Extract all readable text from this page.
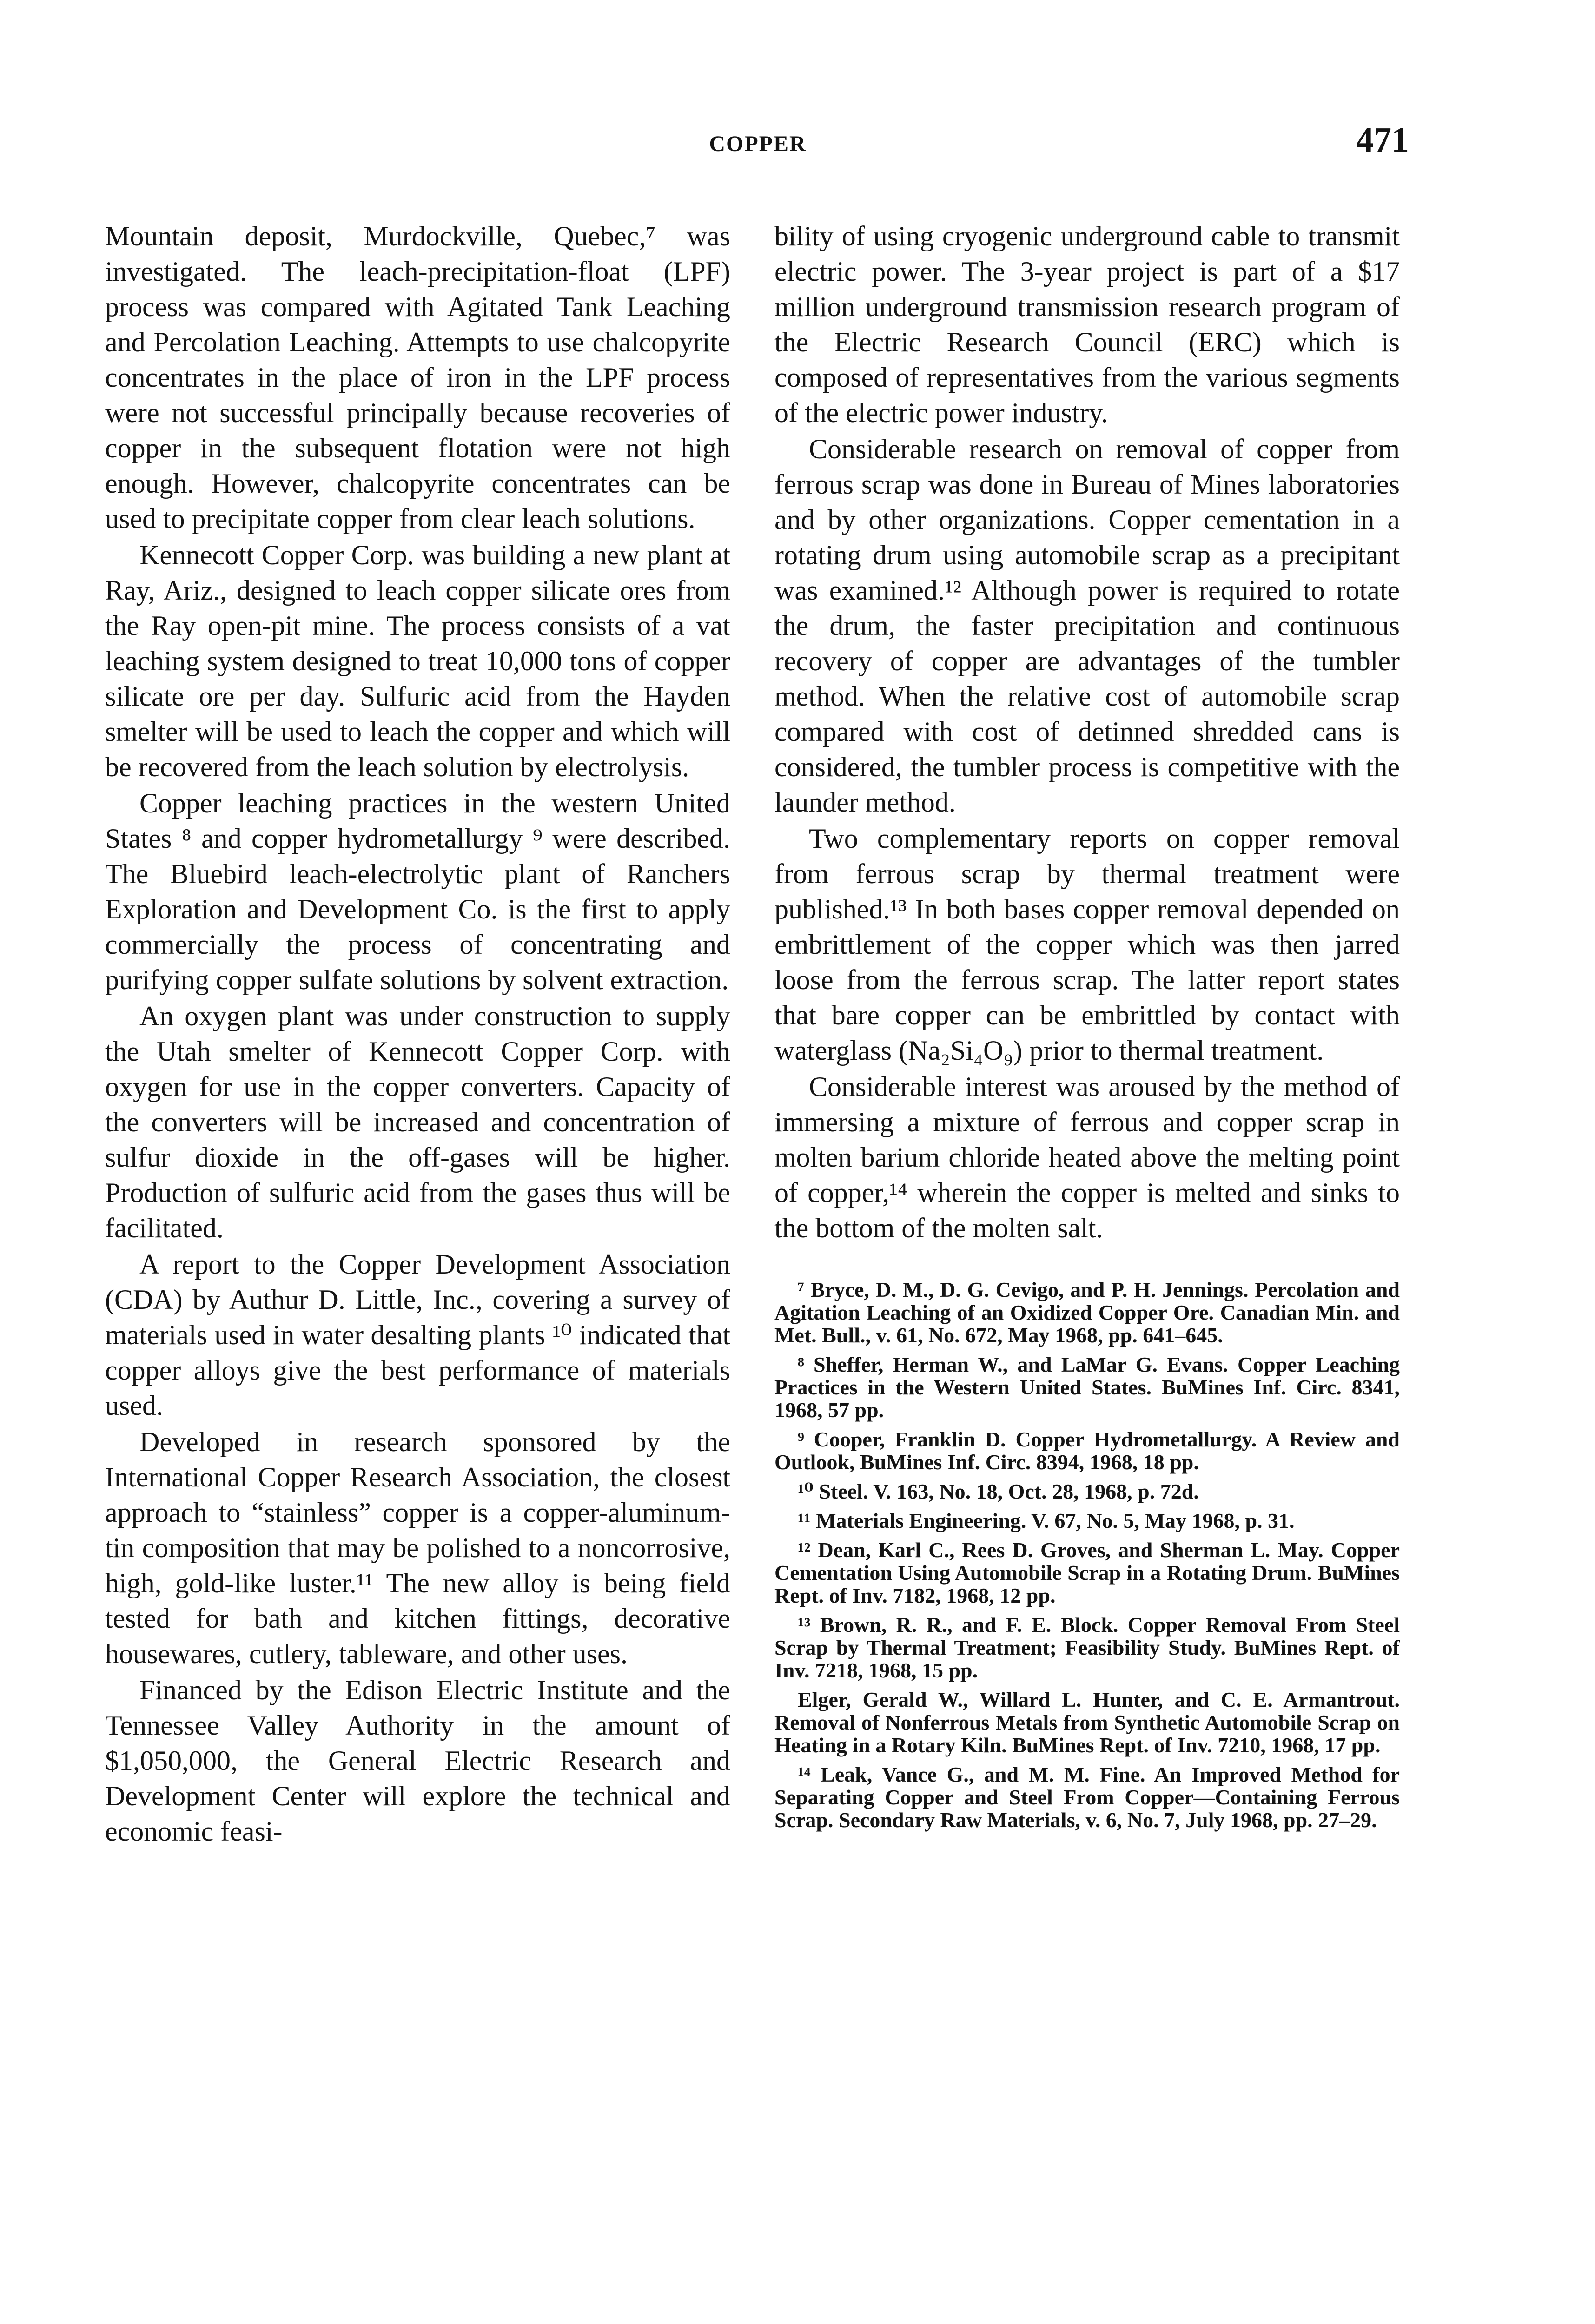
COPPER	471

Mountain deposit, Murdockville, Quebec,⁷ was investigated. The leach-precipitation-float (LPF) process was compared with Agitated Tank Leaching and Percolation Leaching. Attempts to use chalcopyrite concentrates in the place of iron in the LPF process were not successful principally because recoveries of copper in the subsequent flotation were not high enough. However, chalcopyrite concentrates can be used to precipitate copper from clear leach solutions.

Kennecott Copper Corp. was building a new plant at Ray, Ariz., designed to leach copper silicate ores from the Ray open-pit mine. The process consists of a vat leaching system designed to treat 10,000 tons of copper silicate ore per day. Sulfuric acid from the Hayden smelter will be used to leach the copper and which will be recovered from the leach solution by electrolysis.

Copper leaching practices in the western United States ⁸ and copper hydrometallurgy ⁹ were described. The Bluebird leach-electrolytic plant of Ranchers Exploration and Development Co. is the first to apply commercially the process of concentrating and purifying copper sulfate solutions by solvent extraction.

An oxygen plant was under construction to supply the Utah smelter of Kennecott Copper Corp. with oxygen for use in the copper converters. Capacity of the converters will be increased and concentration of sulfur dioxide in the off-gases will be higher. Production of sulfuric acid from the gases thus will be facilitated.

A report to the Copper Development Association (CDA) by Authur D. Little, Inc., covering a survey of materials used in water desalting plants ¹⁰ indicated that copper alloys give the best performance of materials used.

Developed in research sponsored by the International Copper Research Association, the closest approach to “stainless” copper is a copper-aluminum-tin composition that may be polished to a noncorrosive, high, gold-like luster.¹¹ The new alloy is being field tested for bath and kitchen fittings, decorative housewares, cutlery, tableware, and other uses.

Financed by the Edison Electric Institute and the Tennessee Valley Authority in the amount of $1,050,000, the General Electric Research and Development Center will explore the technical and economic feasi-

bility of using cryogenic underground cable to transmit electric power. The 3-year project is part of a $17 million underground transmission research program of the Electric Research Council (ERC) which is composed of representatives from the various segments of the electric power industry.

Considerable research on removal of copper from ferrous scrap was done in Bureau of Mines laboratories and by other organizations. Copper cementation in a rotating drum using automobile scrap as a precipitant was examined.¹² Although power is required to rotate the drum, the faster precipitation and continuous recovery of copper are advantages of the tumbler method. When the relative cost of automobile scrap compared with cost of detinned shredded cans is considered, the tumbler process is competitive with the launder method.

Two complementary reports on copper removal from ferrous scrap by thermal treatment were published.¹³ In both bases copper removal depended on embrittlement of the copper which was then jarred loose from the ferrous scrap. The latter report states that bare copper can be embrittled by contact with waterglass (Na₂Si₄O₉) prior to thermal treatment.

Considerable interest was aroused by the method of immersing a mixture of ferrous and copper scrap in molten barium chloride heated above the melting point of copper,¹⁴ wherein the copper is melted and sinks to the bottom of the molten salt.

⁷ Bryce, D. M., D. G. Cevigo, and P. H. Jennings. Percolation and Agitation Leaching of an Oxidized Copper Ore. Canadian Min. and Met. Bull., v. 61, No. 672, May 1968, pp. 641–645.

⁸ Sheffer, Herman W., and LaMar G. Evans. Copper Leaching Practices in the Western United States. BuMines Inf. Circ. 8341, 1968, 57 pp.

⁹ Cooper, Franklin D. Copper Hydrometallurgy. A Review and Outlook, BuMines Inf. Circ. 8394, 1968, 18 pp.

¹⁰ Steel. V. 163, No. 18, Oct. 28, 1968, p. 72d.

¹¹ Materials Engineering. V. 67, No. 5, May 1968, p. 31.

¹² Dean, Karl C., Rees D. Groves, and Sherman L. May. Copper Cementation Using Automobile Scrap in a Rotating Drum. BuMines Rept. of Inv. 7182, 1968, 12 pp.

¹³ Brown, R. R., and F. E. Block. Copper Removal From Steel Scrap by Thermal Treatment; Feasibility Study. BuMines Rept. of Inv. 7218, 1968, 15 pp.

Elger, Gerald W., Willard L. Hunter, and C. E. Armantrout. Removal of Nonferrous Metals from Synthetic Automobile Scrap on Heating in a Rotary Kiln. BuMines Rept. of Inv. 7210, 1968, 17 pp.

¹⁴ Leak, Vance G., and M. M. Fine. An Improved Method for Separating Copper and Steel From Copper—Containing Ferrous Scrap. Secondary Raw Materials, v. 6, No. 7, July 1968, pp. 27–29.
